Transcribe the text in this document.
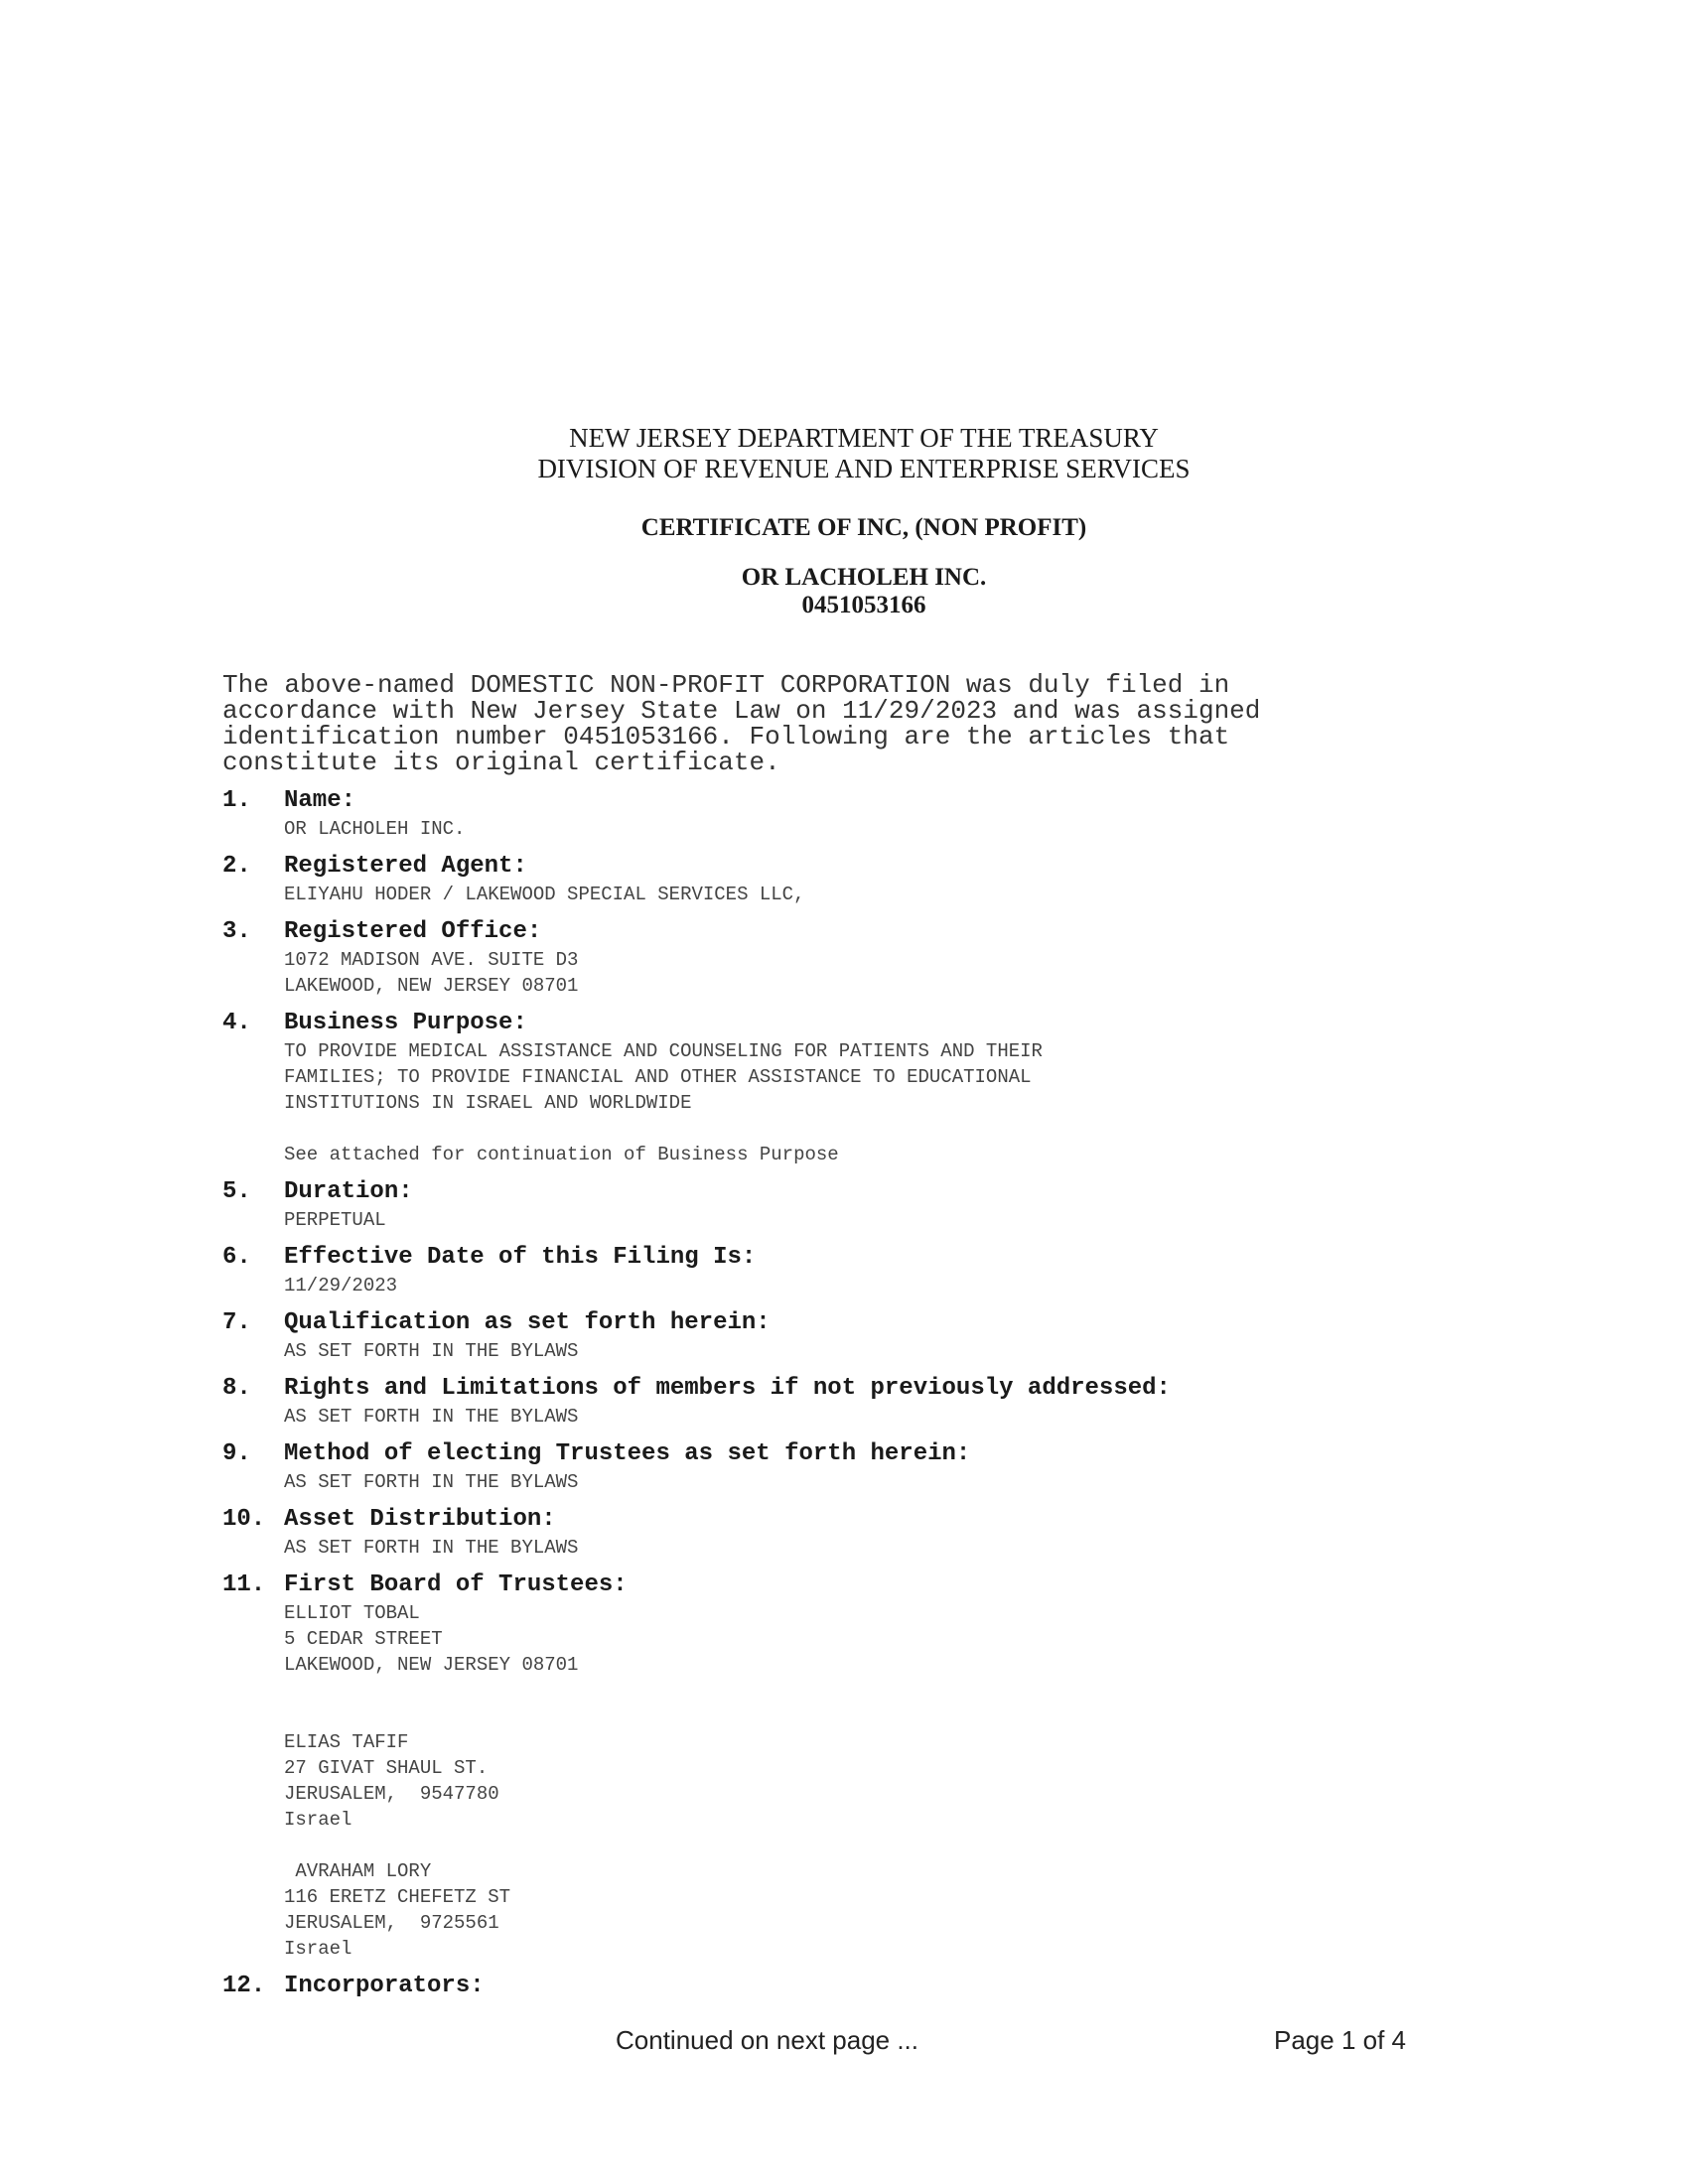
NEW JERSEY DEPARTMENT OF THE TREASURY
DIVISION OF REVENUE AND ENTERPRISE SERVICES
CERTIFICATE OF INC, (NON PROFIT)
OR LACHOLEH INC.
0451053166
The above-named DOMESTIC NON-PROFIT CORPORATION was duly filed in
accordance with New Jersey State Law on 11/29/2023 and was assigned
identification number 0451053166. Following are the articles that
constitute its original certificate.
1.	Name:
OR LACHOLEH INC.
2.	Registered Agent:
ELIYAHU HODER / LAKEWOOD SPECIAL SERVICES LLC,
3.	Registered Office:
1072 MADISON AVE. SUITE D3
LAKEWOOD, NEW JERSEY 08701
4.	Business Purpose:
TO PROVIDE MEDICAL ASSISTANCE AND COUNSELING FOR PATIENTS AND THEIR
FAMILIES; TO PROVIDE FINANCIAL AND OTHER ASSISTANCE TO EDUCATIONAL
INSTITUTIONS IN ISRAEL AND WORLDWIDE
See attached for continuation of Business Purpose
5.	Duration:
PERPETUAL
6.	Effective Date of this Filing Is:
11/29/2023
7.	Qualification as set forth herein:
AS SET FORTH IN THE BYLAWS
8.	Rights and Limitations of members if not previously addressed:
AS SET FORTH IN THE BYLAWS
9.	Method of electing Trustees as set forth herein:
AS SET FORTH IN THE BYLAWS
10. Asset Distribution:
AS SET FORTH IN THE BYLAWS
11. First Board of Trustees:
ELLIOT TOBAL
5 CEDAR STREET
LAKEWOOD, NEW JERSEY 08701
ELIAS TAFIF
27 GIVAT SHAUL ST.
JERUSALEM,  9547780
Israel
AVRAHAM LORY
116 ERETZ CHEFETZ ST
JERUSALEM,  9725561
Israel
12. Incorporators:
Continued on next page ...	Page 1 of 4
